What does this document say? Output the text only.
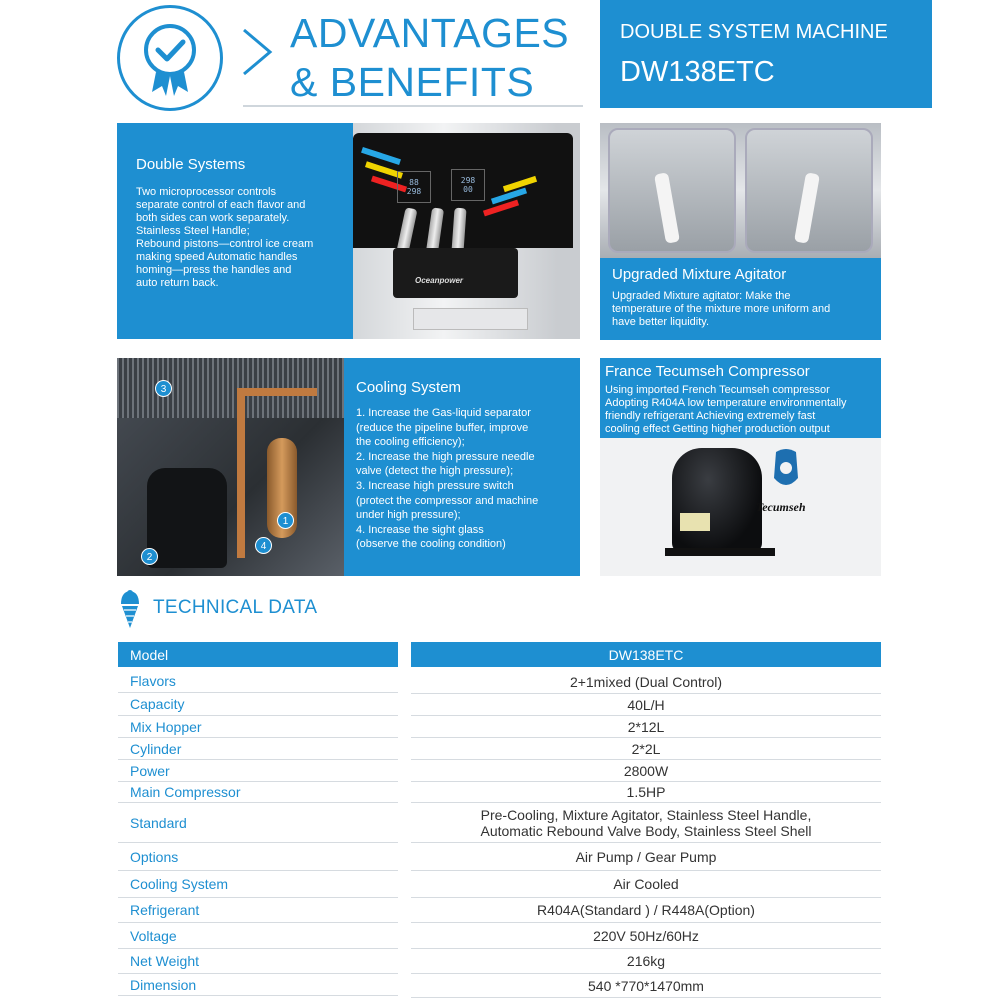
ADVANTAGES
& BENEFITS
DOUBLE SYSTEM MACHINE
DW138ETC
Double Systems
Two microprocessor controls
separate control of each flavor and
both sides can work separately.
Stainless Steel Handle;
Rebound pistons—control ice cream
making speed Automatic handles
homing—press the handles and
auto return back.
88
298
298
00
Oceanpower	Upgraded Mixture Agitator
Upgraded Mixture agitator: Make the
temperature of the mixture more uniform and
have better liquidity.
3
1
2
4
Cooling System
1. Increase the Gas-liquid separator
(reduce the pipeline buffer, improve
the cooling efficiency);
2. Increase the high pressure needle
valve (detect the high pressure);
3. Increase high pressure switch
(protect the compressor and machine
under high pressure);
4. Increase the sight glass
(observe the cooling condition)
France Tecumseh Compressor
Using imported French Tecumseh compressor
Adopting R404A low temperature environmentally
friendly refrigerant Achieving extremely fast
cooling effect Getting higher production output
Tecumseh
TECHNICAL DATA
Model	DW138ETC
Flavors	2+1mixed (Dual Control)
Capacity	40L/H
Mix Hopper	2*12L
Cylinder	2*2L
Power	2800W
Main Compressor	1.5HP
Standard	Pre-Cooling, Mixture Agitator, Stainless Steel Handle,
Automatic Rebound Valve Body, Stainless Steel Shell
Options	Air Pump / Gear Pump
Cooling System	Air Cooled
Refrigerant	R404A(Standard ) / R448A(Option)
Voltage	220V 50Hz/60Hz
Net Weight	216kg
Dimension	540 *770*1470mm
